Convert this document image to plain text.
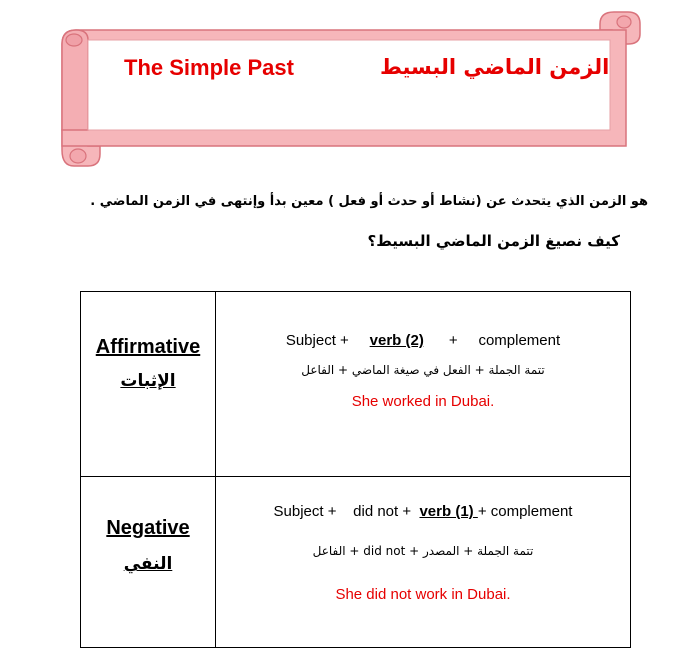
The Simple Past	الزمن الماضي البسيط
هو الزمن الذي يتحدث عن (نشاط أو حدث أو فعل ) معين بدأ وإنتهى في الزمن الماضي .
كيف نصيغ الزمن الماضي البسيط؟
Affirmative
الإثبات	Subject + verb (2) + complement
تتمة الجملة + الفعل في صيغة الماضي + الفاعل
She worked in Dubai.

Negative
النفي	Subject + did not + verb (1) + complement
تتمة الجملة + المصدر + did not + الفاعل
She did not work in Dubai.
